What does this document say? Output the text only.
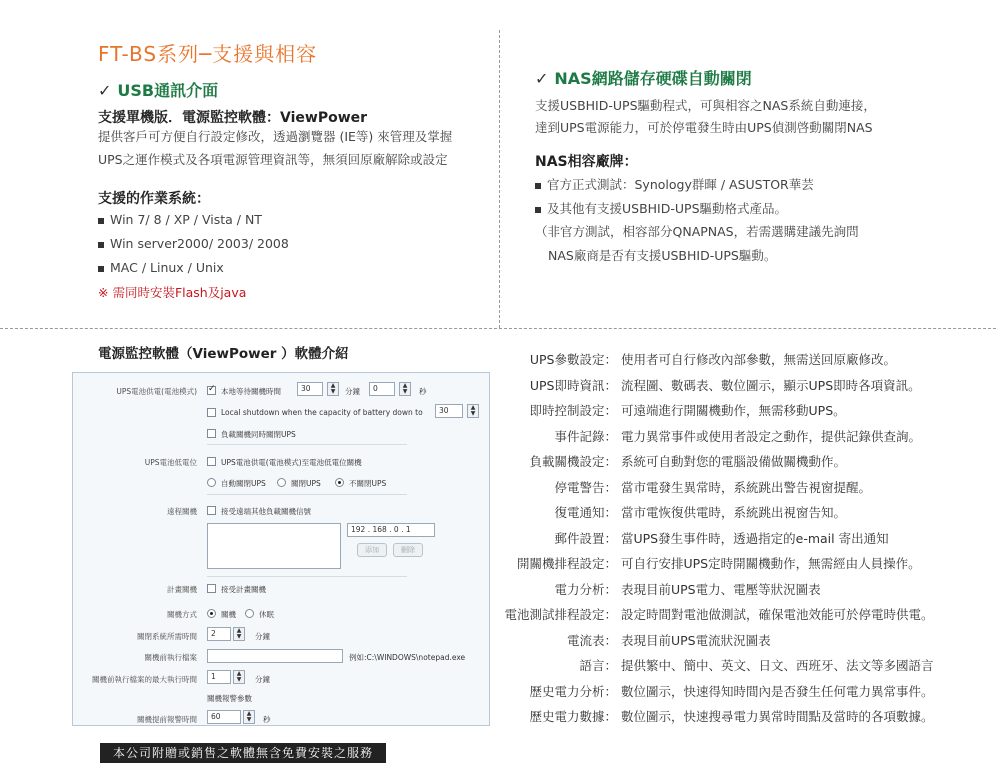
FT-BS系列─支援與相容
✓ USB通訊介面
支援單機版．電源監控軟體：ViewPower
提供客戶可方便自行設定修改，透過瀏覽器 (IE等) 來管理及掌握
UPS之運作模式及各項電源管理資訊等，無須回原廠解除或設定
支援的作業系統：
Win 7/ 8 / XP / Vista / NT
Win server2000/ 2003/ 2008
MAC / Linux / Unix
※ 需同時安裝Flash及java
✓ NAS網路儲存硬碟自動關閉
支援USBHID-UPS驅動程式，可與相容之NAS系統自動連接，
達到UPS電源能力，可於停電發生時由UPS偵測啓動關閉NAS
NAS相容廠牌：
官方正式測試：Synology群暉 / ASUSTOR華芸
及其他有支援USBHID-UPS驅動格式產品。
（非官方測試，相容部分QNAPNAS，若需選購建議先詢問
NAS廠商是否有支援USBHID-UPS驅動。
電源監控軟體（ViewPower ）軟體介紹
UPS電池供電(電池模式)
✓	本地等待關機時間	30	▲
▼	分鐘	0	▲
▼	秒
Local shutdown when the capacity of battery down to	30	▲
▼
負載關機同時關閉UPS
UPS電池低電位	UPS電池供電(電池模式)至電池低電位關機
自動關閉UPS	關閉UPS	不關閉UPS
遠程關機	接受遠端其他負載關機信號
192 . 168 . 0 . 1
添加	刪除
計畫關機	接受計畫關機
關機方式	關機	休眠
關閉系統所需時間	2	▲
▼	分鐘
關機前執行檔案	例如:C:\WINDOWS\notepad.exe
關機前執行檔案的最大執行時間	1	▲
▼	分鐘
關機報警參數
關機提前報警時間	60	▲
▼	秒
UPS參數設定： 使用者可自行修改內部參數，無需送回原廠修改。
UPS即時資訊： 流程圖、數碼表、數位圖示，顯示UPS即時各項資訊。
即時控制設定： 可遠端進行開關機動作，無需移動UPS。
事件記錄： 電力異常事件或使用者設定之動作，提供記錄供查詢。
負載關機設定： 系統可自動對您的電腦設備做關機動作。
停電警告： 當市電發生異常時，系統跳出警告視窗提醒。
復電通知： 當市電恢復供電時，系統跳出視窗告知。
郵件設置： 當UPS發生事件時，透過指定的e-mail 寄出通知
開關機排程設定： 可自行安排UPS定時開關機動作，無需經由人員操作。
電力分析： 表現目前UPS電力、電壓等狀況圖表
電池測試排程設定： 設定時間對電池做測試，確保電池效能可於停電時供電。
電流表： 表現目前UPS電流狀況圖表
語言： 提供繁中、簡中、英文、日文、西班牙、法文等多國語言
歷史電力分析： 數位圖示，快速得知時間內是否發生任何電力異常事件。
歷史電力數據： 數位圖示，快速搜尋電力異常時間點及當時的各項數據。
本公司附贈或銷售之軟體無含免費安裝之服務
